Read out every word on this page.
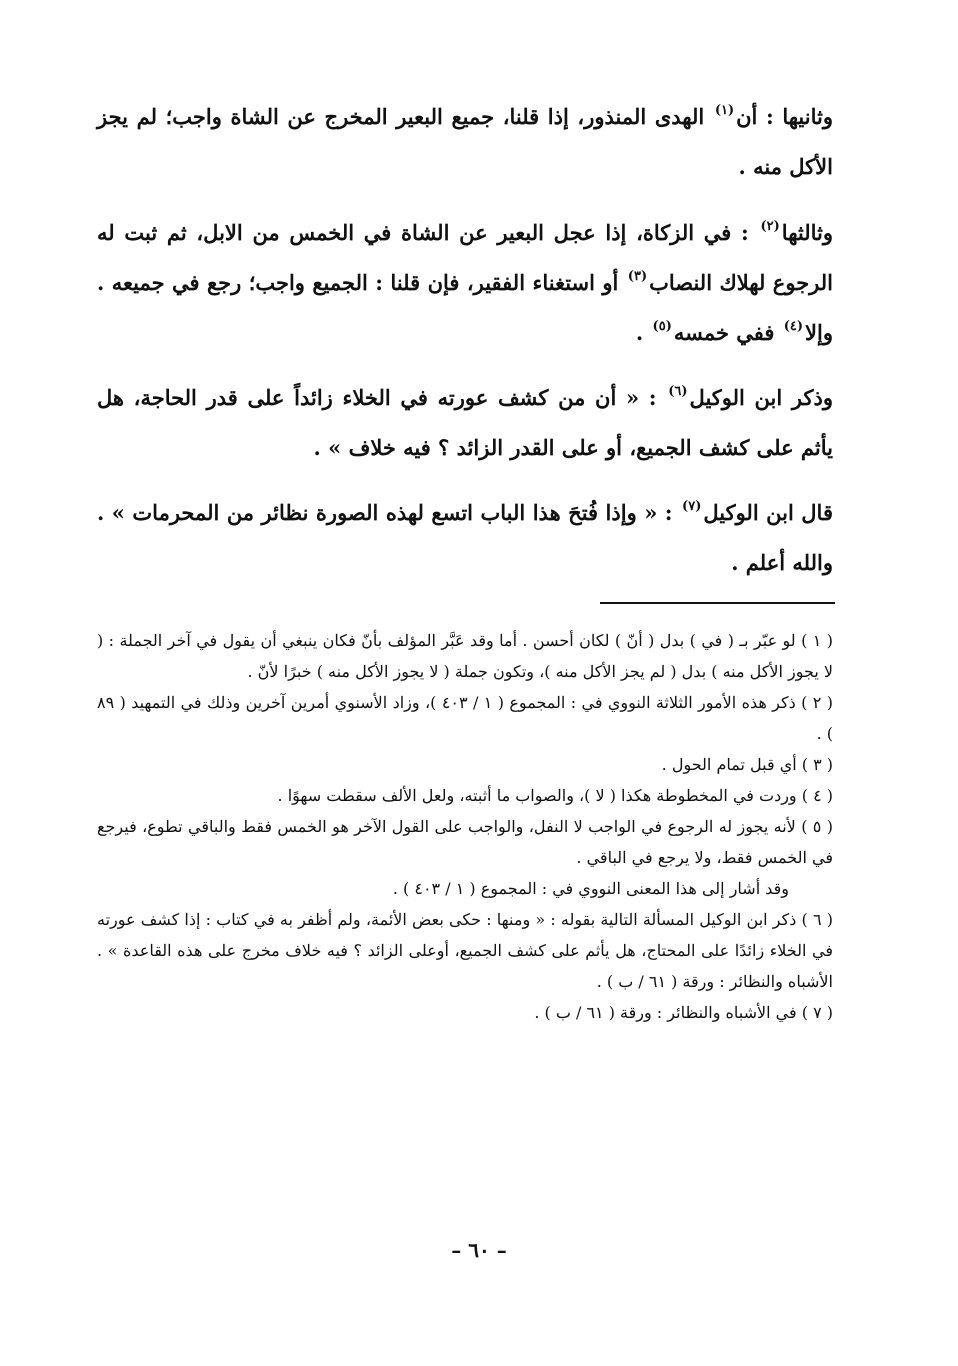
وثانيها : أن$^{(١)}$ الهدى المنذور، إذا قلنا، جميع البعير المخرج عن الشاة واجب؛ لم يجز الأكل منه .

وثالثها$^{(٢)}$ : في الزكاة، إذا عجل البعير عن الشاة في الخمس من الابل، ثم ثبت له الرجوع لهلاك النصاب$^{(٣)}$ أو استغناء الفقير، فإن قلنا : الجميع واجب؛ رجع في جميعه . وإلا$^{(٤)}$ ففي خمسه$^{(٥)}$ .

وذكر ابن الوكيل$^{(٦)}$ : « أن من كشف عورته في الخلاء زائداً على قدر الحاجة، هل يأثم على كشف الجميع، أو على القدر الزائد ؟ فيه خلاف » .

قال ابن الوكيل$^{(٧)}$ : « وإذا فُتحَ هذا الباب اتسع لهذه الصورة نظائر من المحرمات » . والله أعلم .

( ١ ) لو عبّر بـ ( في ) بدل ( أنّ ) لكان أحسن . أما وقد عَبَّر المؤلف بأنّ فكان ينبغي أن يقول في آخر الجملة : ( لا يجوز الأكل منه ) بدل ( لم يجز الأكل منه )، وتكون جملة ( لا يجوز الأكل منه ) خبرًا لأنّ .

( ٢ ) ذكر هذه الأمور الثلاثة النووي في : المجموع ( ١ / ٤٠٣ )، وزاد الأسنوي أمرين آخرين وذلك في التمهيد ( ٨٩ ) .

( ٣ ) أي قبل تمام الحول .

( ٤ ) وردت في المخطوطة هكذا ( لا )، والصواب ما أثبته، ولعل الألف سقطت سهوًا .

( ٥ ) لأنه يجوز له الرجوع في الواجب لا النفل، والواجب على القول الآخر هو الخمس فقط والباقي تطوع، فيرجع في الخمس فقط، ولا يرجع في الباقي .
وقد أشار إلى هذا المعنى النووي في : المجموع ( ١ / ٤٠٣ ) .

( ٦ ) ذكر ابن الوكيل المسألة التالية بقوله : « ومنها : حكى بعض الأئمة، ولم أظفر به في كتاب : إذا كشف عورته في الخلاء زائدًا على المحتاج، هل يأثم على كشف الجميع، أوعلى الزائد ؟ فيه خلاف مخرج على هذه القاعدة » . الأشباه والنظائر : ورقة ( ٦١ / ب ) .

( ٧ ) في الأشباه والنظائر : ورقة ( ٦١ / ب ) .

– ٦٠ –
